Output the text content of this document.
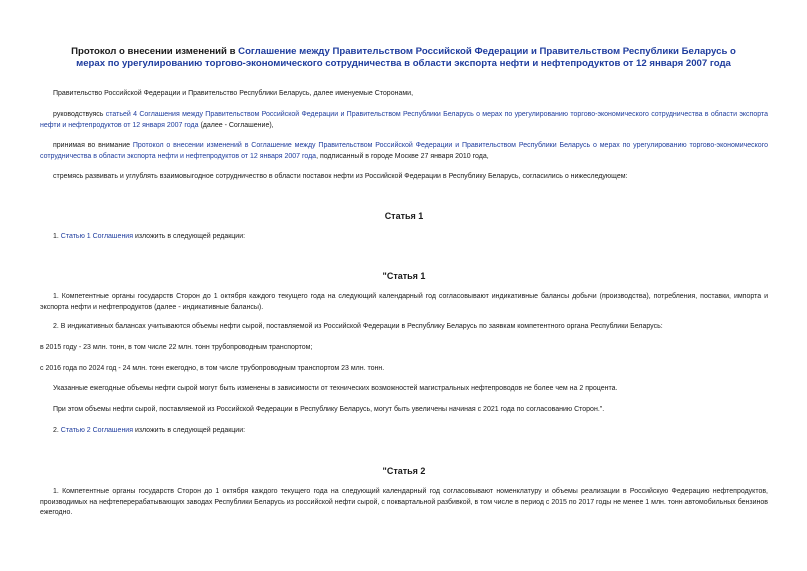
Протокол о внесении изменений в Соглашение между Правительством Российской Федерации и Правительством Республики Беларусь о мерах по урегулированию торгово-экономического сотрудничества в области экспорта нефти и нефтепродуктов от 12 января 2007 года

Правительство Российской Федерации и Правительство Республики Беларусь, далее именуемые Сторонами,

руководствуясь статьей 4 Соглашения между Правительством Российской Федерации и Правительством Республики Беларусь о мерах по урегулированию торгово-экономического сотрудничества в области экспорта нефти и нефтепродуктов от 12 января 2007 года (далее - Соглашение),

принимая во внимание Протокол о внесении изменений в Соглашение между Правительством Российской Федерации и Правительством Республики Беларусь о мерах по урегулированию торгово-экономического сотрудничества в области экспорта нефти и нефтепродуктов от 12 января 2007 года, подписанный в городе Москве 27 января 2010 года,

стремясь развивать и углублять взаимовыгодное сотрудничество в области поставок нефти из Российской Федерации в Республику Беларусь, согласились о нижеследующем:

Статья 1

1. Статью 1 Соглашения изложить в следующей редакции:

"Статья 1

1. Компетентные органы государств Сторон до 1 октября каждого текущего года на следующий календарный год согласовывают индикативные балансы добычи (производства), потребления, поставки, импорта и экспорта нефти и нефтепродуктов (далее - индикативные балансы).

2. В индикативных балансах учитываются объемы нефти сырой, поставляемой из Российской Федерации в Республику Беларусь по заявкам компетентного органа Республики Беларусь:

в 2015 году - 23 млн. тонн, в том числе 22 млн. тонн трубопроводным транспортом;

с 2016 года по 2024 год - 24 млн. тонн ежегодно, в том числе трубопроводным транспортом 23 млн. тонн.

Указанные ежегодные объемы нефти сырой могут быть изменены в зависимости от технических возможностей магистральных нефтепроводов не более чем на 2 процента.

При этом объемы нефти сырой, поставляемой из Российской Федерации в Республику Беларусь, могут быть увеличены начиная с 2021 года по согласованию Сторон.".

2. Статью 2 Соглашения изложить в следующей редакции:

"Статья 2

1. Компетентные органы государств Сторон до 1 октября каждого текущего года на следующий календарный год согласовывают номенклатуру и объемы реализации в Российскую Федерацию нефтепродуктов, производимых на нефтеперерабатывающих заводах Республики Беларусь из российской нефти сырой, с поквартальной разбивкой, в том числе в период с 2015 по 2017 годы не менее 1 млн. тонн автомобильных бензинов ежегодно.
